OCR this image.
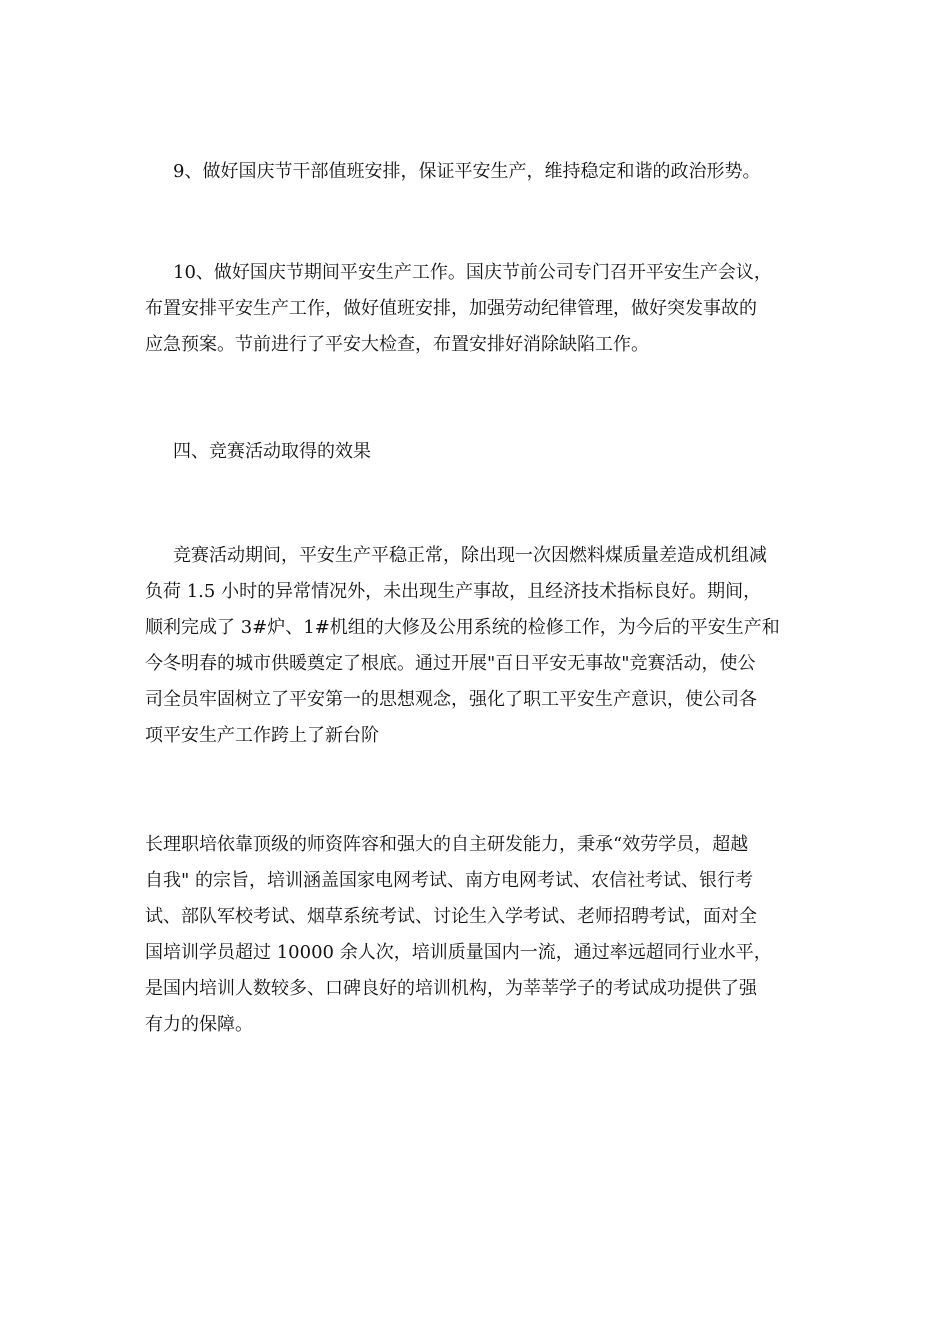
9、做好国庆节干部值班安排，保证平安生产，维持稳定和谐的政治形势。

10、做好国庆节期间平安生产工作。国庆节前公司专门召开平安生产会议，
布置安排平安生产工作，做好值班安排，加强劳动纪律管理，做好突发事故的
应急预案。节前进行了平安大检查，布置安排好消除缺陷工作。

四、竞赛活动取得的效果

竞赛活动期间，平安生产平稳正常，除出现一次因燃料煤质量差造成机组减
负荷 1.5 小时的异常情况外，未出现生产事故，且经济技术指标良好。期间，
顺利完成了 3#炉、1#机组的大修及公用系统的检修工作，为今后的平安生产和
今冬明春的城市供暖奠定了根底。通过开展"百日平安无事故"竞赛活动，使公
司全员牢固树立了平安第一的思想观念，强化了职工平安生产意识，使公司各
项平安生产工作跨上了新台阶

长理职培依靠顶级的师资阵容和强大的自主研发能力，秉承“效劳学员，超越
自我" 的宗旨，培训涵盖国家电网考试、南方电网考试、农信社考试、银行考
试、部队军校考试、烟草系统考试、讨论生入学考试、老师招聘考试，面对全
国培训学员超过 10000 余人次，培训质量国内一流，通过率远超同行业水平，
是国内培训人数较多、口碑良好的培训机构，为莘莘学子的考试成功提供了强
有力的保障。
